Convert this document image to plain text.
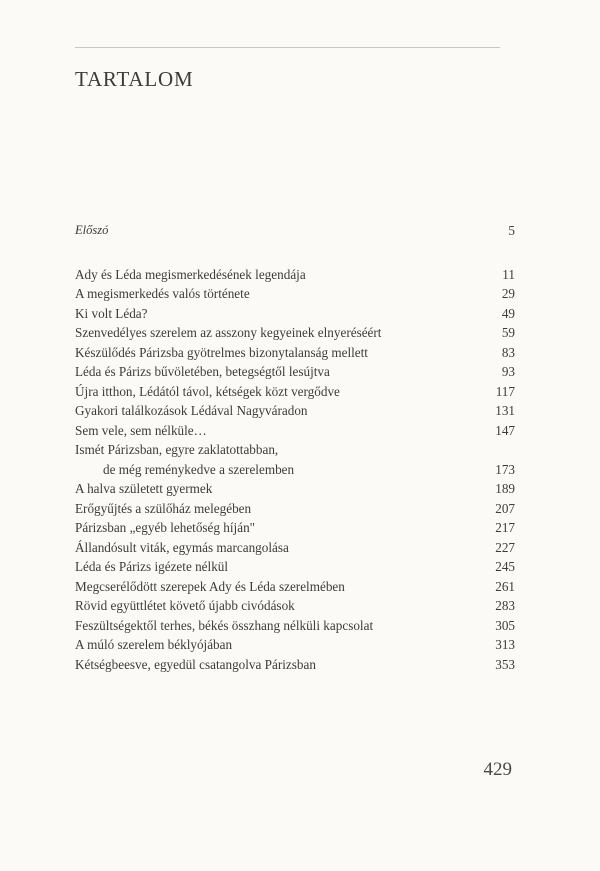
TARTALOM
Előszó	5
Ady és Léda megismerkedésének legendája	11
A megismerkedés valós története	29
Ki volt Léda?	49
Szenvedélyes szerelem az asszony kegyeinek elnyeréséért	59
Készülődés Párizsba gyötrelmes bizonytalanság mellett	83
Léda és Párizs bűvöletében, betegségtől lesújtva	93
Újra itthon, Lédától távol, kétségek közt vergődve	117
Gyakori találkozások Lédával Nagyváradon	131
Sem vele, sem nélküle…	147
Ismét Párizsban, egyre zaklatottabban,
de még reménykedve a szerelemben	173
A halva született gyermek	189
Erőgyűjtés a szülőház melegében	207
Párizsban „egyéb lehetőség híján"	217
Állandósult viták, egymás marcangolása	227
Léda és Párizs igézete nélkül	245
Megcserélődött szerepek Ady és Léda szerelmében	261
Rövid együttlétet követő újabb civódások	283
Feszültségektől terhes, békés összhang nélküli kapcsolat	305
A múló szerelem béklyójában	313
Kétségbeesve, egyedül csatangolva Párizsban	353
429
